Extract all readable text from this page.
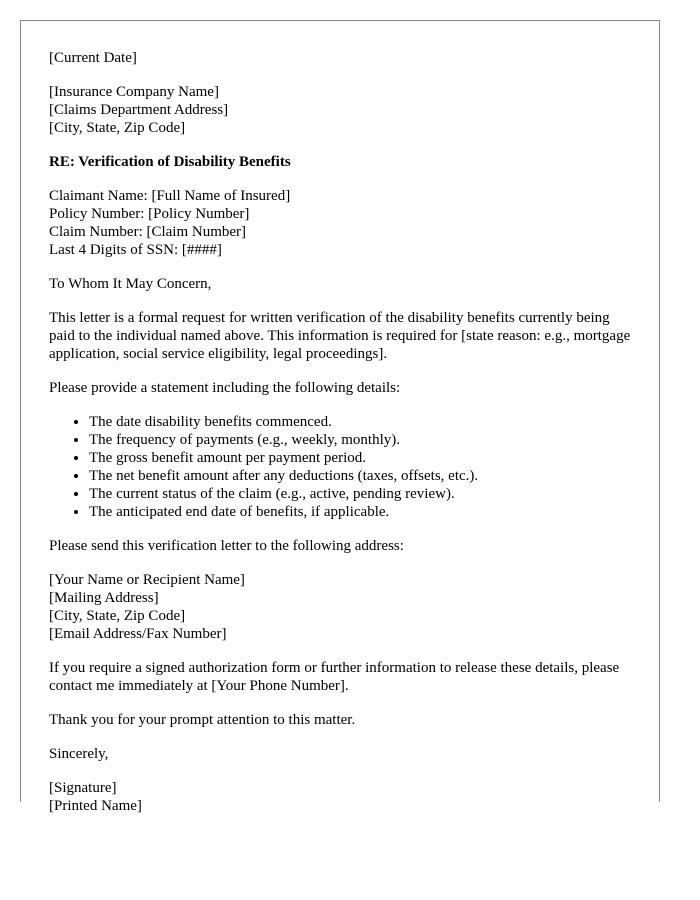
[Current Date]
[Insurance Company Name]
[Claims Department Address]
[City, State, Zip Code]
RE: Verification of Disability Benefits
Claimant Name: [Full Name of Insured]
Policy Number: [Policy Number]
Claim Number: [Claim Number]
Last 4 Digits of SSN: [####]

To Whom It May Concern,

This letter is a formal request for written verification of the disability benefits currently being paid to the individual named above. This information is required for [state reason: e.g., mortgage application, social service eligibility, legal proceedings].

Please provide a statement including the following details:

• The date disability benefits commenced.
• The frequency of payments (e.g., weekly, monthly).
• The gross benefit amount per payment period.
• The net benefit amount after any deductions (taxes, offsets, etc.).
• The current status of the claim (e.g., active, pending review).
• The anticipated end date of benefits, if applicable.

Please send this verification letter to the following address:

[Your Name or Recipient Name]
[Mailing Address]
[City, State, Zip Code]
[Email Address/Fax Number]

If you require a signed authorization form or further information to release these details, please contact me immediately at [Your Phone Number].

Thank you for your prompt attention to this matter.

Sincerely,

[Signature]
[Printed Name]
